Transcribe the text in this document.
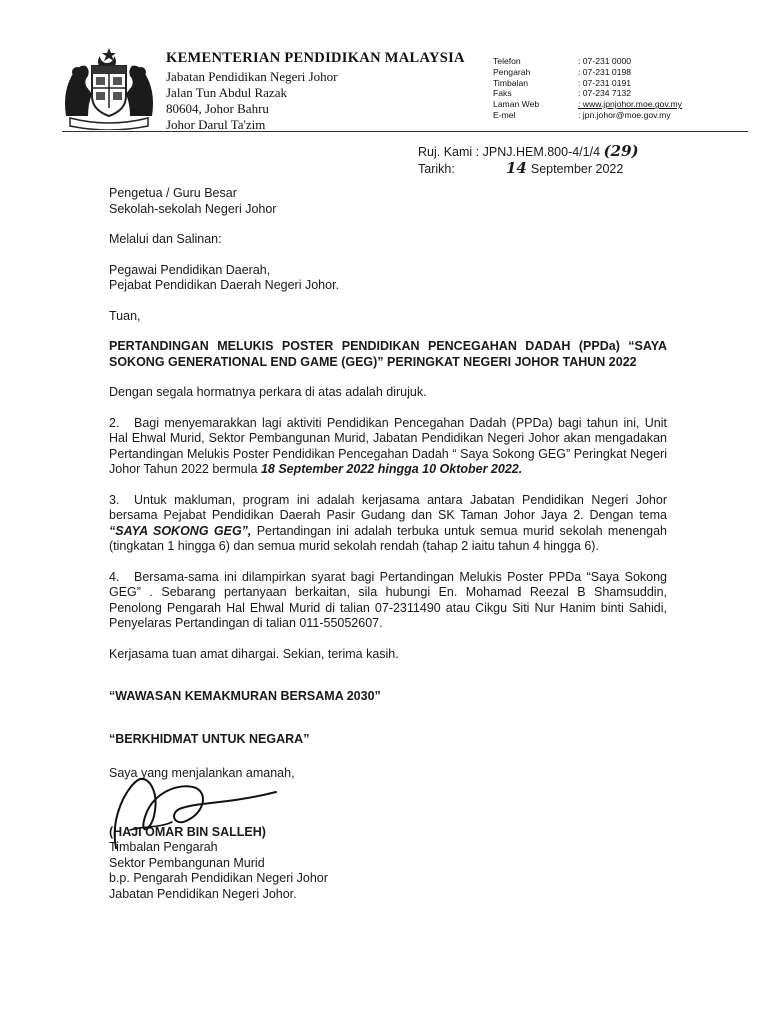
KEMENTERIAN PENDIDIKAN MALAYSIA
Jabatan Pendidikan Negeri Johor
Jalan Tun Abdul Razak
80604, Johor Bahru
Johor Darul Ta'zim
Telefon	: 07-231 0000
Pengarah	: 07-231 0198
Timbalan	: 07-231 0191
Faks	: 07-234 7132
Laman Web	: www.jpnjohor.moe.gov.my
E-mel	: jpn.johor@moe.gov.my
Ruj. Kami :
JPNJ.HEM.800-4/1/4
(29)
Tarikh:	14 September 2022

Pengetua / Guru Besar

Sekolah-sekolah Negeri Johor

Melalui dan Salinan:

Pegawai Pendidikan Daerah,

Pejabat Pendidikan Daerah Negeri Johor.

Tuan,

PERTANDINGAN MELUKIS POSTER PENDIDIKAN PENCEGAHAN DADAH (PPDa) “SAYA SOKONG GENERATIONAL END GAME (GEG)” PERINGKAT NEGERI JOHOR TAHUN 2022

Dengan segala hormatnya perkara di atas adalah dirujuk.

2. Bagi menyemarakkan lagi aktiviti Pendidikan Pencegahan Dadah (PPDa) bagi tahun ini, Unit Hal Ehwal Murid, Sektor Pembangunan Murid, Jabatan Pendidikan Negeri Johor akan mengadakan Pertandingan Melukis Poster Pendidikan Pencegahan Dadah “ Saya Sokong GEG” Peringkat Negeri Johor Tahun 2022 bermula 18 September 2022 hingga 10 Oktober 2022.

3. Untuk makluman, program ini adalah kerjasama antara Jabatan Pendidikan Negeri Johor bersama Pejabat Pendidikan Daerah Pasir Gudang dan SK Taman Johor Jaya 2. Dengan tema “SAYA SOKONG GEG”, Pertandingan ini adalah terbuka untuk semua murid sekolah menengah (tingkatan 1 hingga 6) dan semua murid sekolah rendah (tahap 2 iaitu tahun 4 hingga 6).

4. Bersama-sama ini dilampirkan syarat bagi Pertandingan Melukis Poster PPDa “Saya Sokong GEG” . Sebarang pertanyaan berkaitan, sila hubungi En. Mohamad Reezal B Shamsuddin, Penolong Pengarah Hal Ehwal Murid di talian 07-2311490 atau Cikgu Siti Nur Hanim binti Sahidi, Penyelaras Pertandingan di talian 011-55052607.

Kerjasama tuan amat dihargai. Sekian, terima kasih.

“WAWASAN KEMAKMURAN BERSAMA 2030”

“BERKHIDMAT UNTUK NEGARA”

Saya yang menjalankan amanah,

(HAJI OMAR BIN SALLEH)

Timbalan Pengarah

Sektor Pembangunan Murid

b.p. Pengarah Pendidikan Negeri Johor

Jabatan Pendidikan Negeri Johor.
